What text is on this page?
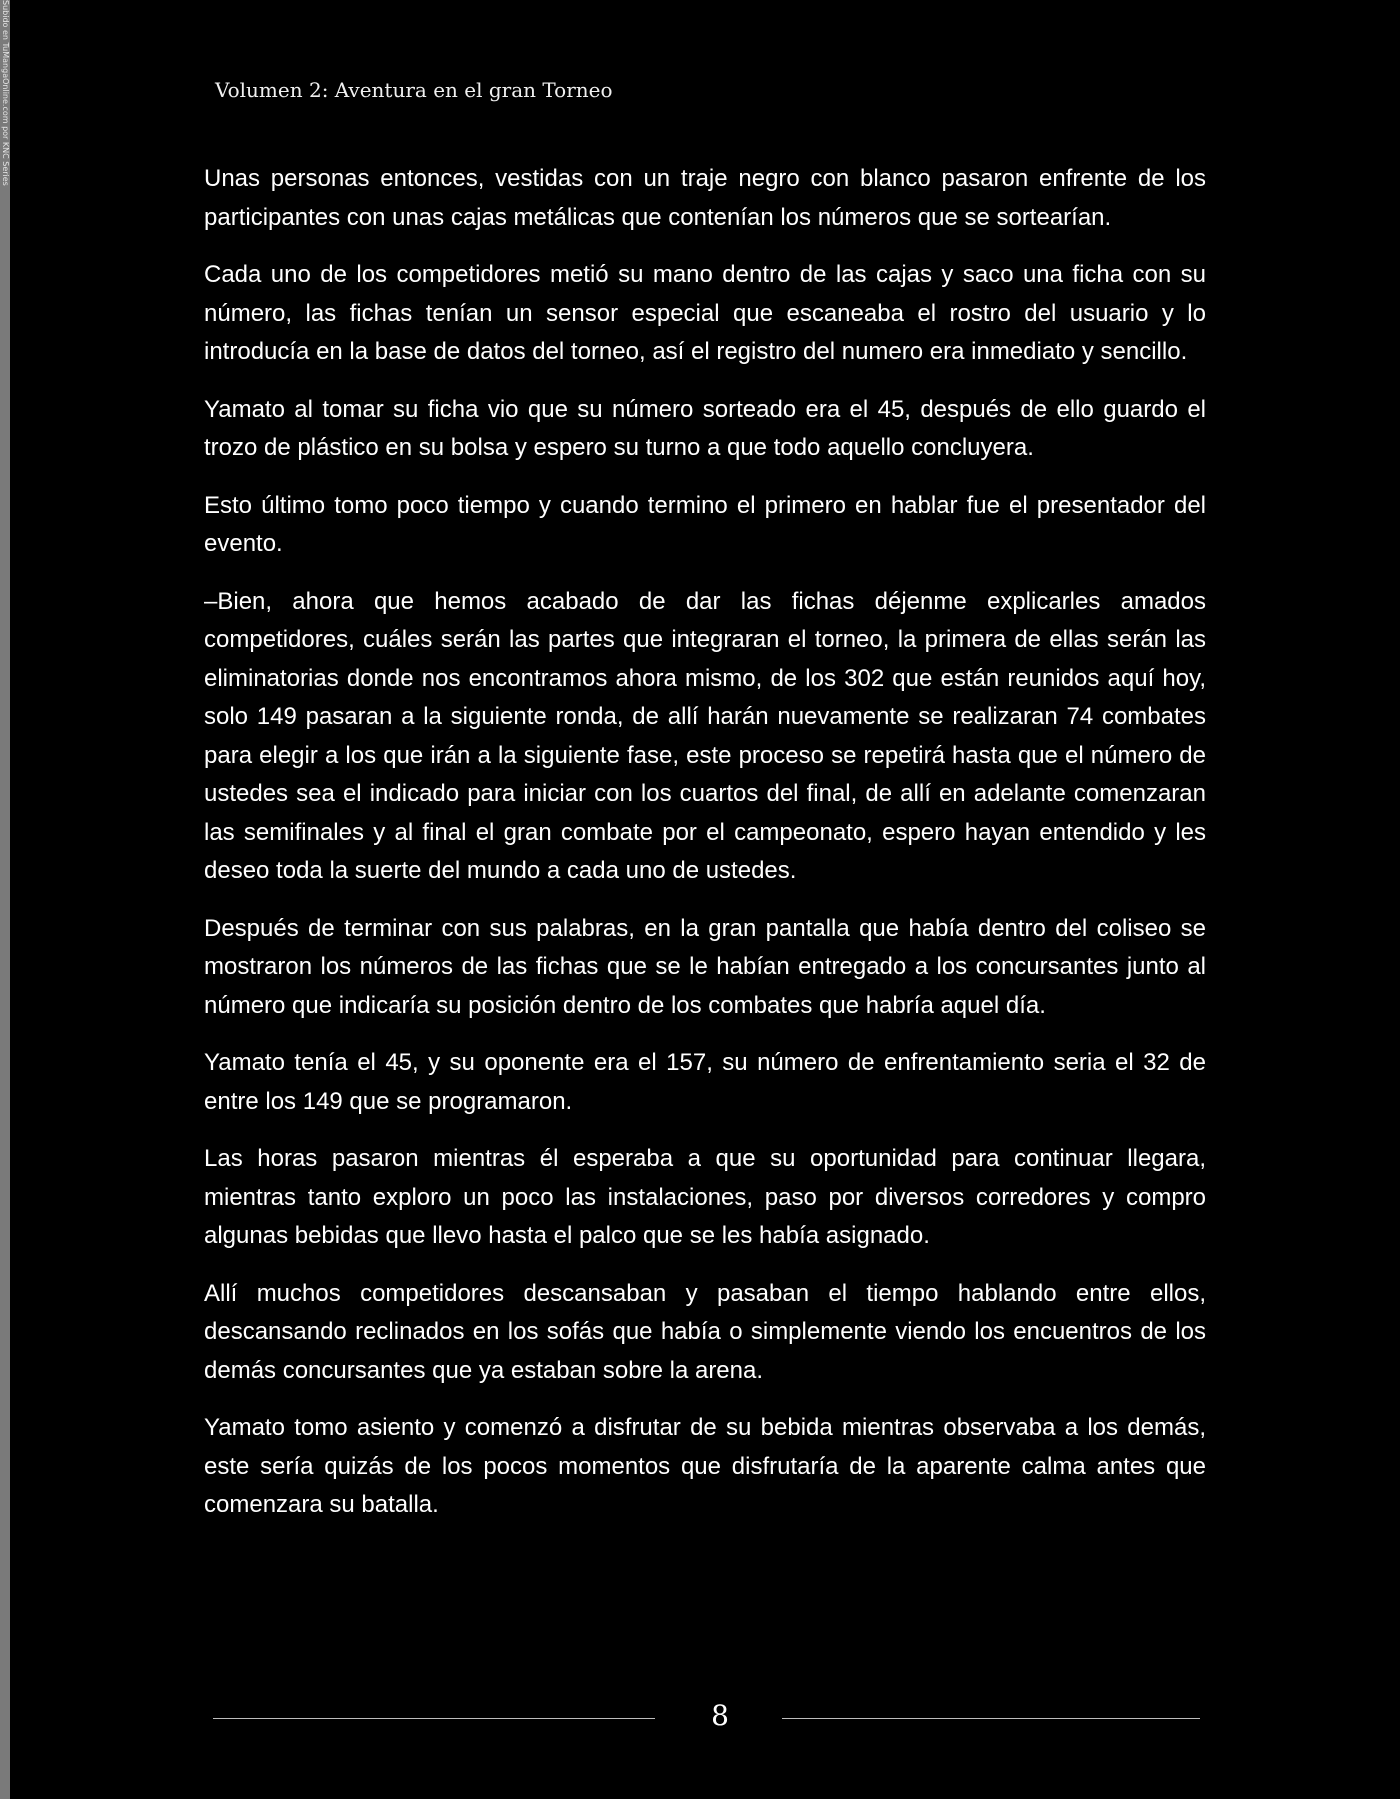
Subido en TuMangaOnline.com por KNC Series	Volumen 2: Aventura en el gran Torneo

Unas personas entonces, vestidas con un traje negro con blanco pasaron enfrente de los participantes con unas cajas metálicas que contenían los números que se sortearían.

Cada uno de los competidores metió su mano dentro de las cajas y saco una ficha con su número, las fichas tenían un sensor especial que escaneaba el rostro del usuario y lo introducía en la base de datos del torneo, así el registro del numero era inmediato y sencillo.

Yamato al tomar su ficha vio que su número sorteado era el 45, después de ello guardo el trozo de plástico en su bolsa y espero su turno a que todo aquello concluyera.

Esto último tomo poco tiempo y cuando termino el primero en hablar fue el presentador del evento.

–Bien, ahora que hemos acabado de dar las fichas déjenme explicarles amados competidores, cuáles serán las partes que integraran el torneo, la primera de ellas serán las eliminatorias donde nos encontramos ahora mismo, de los 302 que están reunidos aquí hoy, solo 149 pasaran a la siguiente ronda, de allí harán nuevamente se realizaran 74 combates para elegir a los que irán a la siguiente fase, este proceso se repetirá hasta que el número de ustedes sea el indicado para iniciar con los cuartos del final, de allí en adelante comenzaran las semifinales y al final el gran combate por el campeonato, espero hayan entendido y les deseo toda la suerte del mundo a cada uno de ustedes.

Después de terminar con sus palabras, en la gran pantalla que había dentro del coliseo se mostraron los números de las fichas que se le habían entregado a los concursantes junto al número que indicaría su posición dentro de los combates que habría aquel día.

Yamato tenía el 45, y su oponente era el 157, su número de enfrentamiento seria el 32 de entre los 149 que se programaron.

Las horas pasaron mientras él esperaba a que su oportunidad para continuar llegara, mientras tanto exploro un poco las instalaciones, paso por diversos corredores y compro algunas bebidas que llevo hasta el palco que se les había asignado.

Allí muchos competidores descansaban y pasaban el tiempo hablando entre ellos, descansando reclinados en los sofás que había o simplemente viendo los encuentros de los demás concursantes que ya estaban sobre la arena.

Yamato tomo asiento y comenzó a disfrutar de su bebida mientras observaba a los demás, este sería quizás de los pocos momentos que disfrutaría de la aparente calma antes que comenzara su batalla.

8
